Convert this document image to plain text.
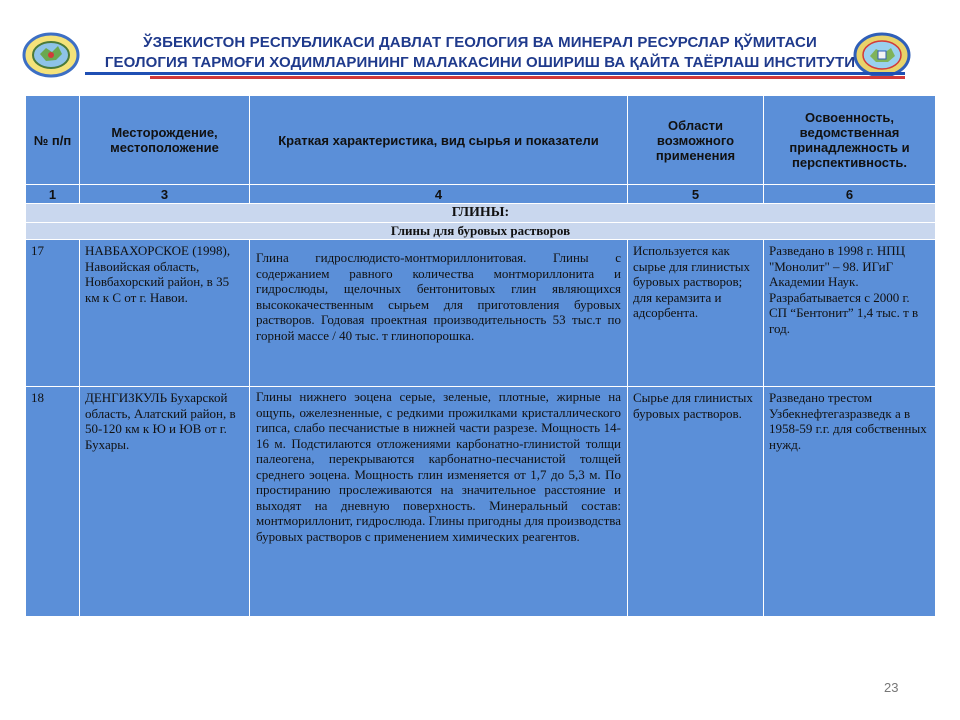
ЎЗБЕКИСТОН РЕСПУБЛИКАСИ ДАВЛАТ ГЕОЛОГИЯ ВА МИНЕРАЛ РЕСУРСЛАР ҚЎМИТАСИ
ГЕОЛОГИЯ ТАРМОҒИ ХОДИМЛАРИНИНГ МАЛАКАСИНИ ОШИРИШ ВА ҚАЙТА ТАЁРЛАШ ИНСТИТУТИ
№ п/п	Месторождение, местоположение	Краткая характеристика, вид сырья и показатели	Области возможного применения	Освоенность, ведомственная принадлежность и перспективность.

1	3	4	5	6
ГЛИНЫ:				
Глины для буровых растворов				

17	НАВБАХОРСКОЕ (1998), Навоийская область, Новбахорский район, в 35 км к С от г. Навои.	Глина гидрослюдисто-монтмориллонитовая. Глины с содержанием равного количества монтмориллонита и гидрослюды, щелочных бентонитовых глин являющихся высококачественным сырьем для приготовления буровых растворов. Годовая проектная производительность 53 тыс.т по горной массе / 40 тыс. т глинопорошка.	Используется как сырье для глинистых буровых растворов; для керамзита и адсорбента.	Разведано в 1998 г. НПЦ "Монолит" – 98. ИГиГ Академии Наук. Разрабатывается с 2000 г. СП “Бентонит” 1,4 тыс. т в год.

18	ДЕНГИЗКУЛЬ Бухарской область, Алатский район, в 50-120 км к Ю и ЮВ от г. Бухары.	Глины нижнего эоцена серые, зеленые, плотные, жирные на ощупь, ожелезненные, с редкими прожилками кристаллического гипса, слабо песчанистые в нижней части разрезе. Мощность 14-16 м. Подстилаются отложениями карбонатно-глинистой толщи палеогена, перекрываются карбонатно-песчанистой толщей среднего эоцена. Мощность глин изменяется от 1,7 до 5,3 м. По простиранию прослеживаются на значительное расстояние и выходят на дневную поверхность. Минеральный состав: монтмориллонит, гидрослюда. Глины пригодны для производства буровых растворов с применением химических реагентов.	Сырье для глинистых буровых растворов.	Разведано трестом Узбекнефтегазразведк а в 1958-59 г.г. для собственных нужд.
23
